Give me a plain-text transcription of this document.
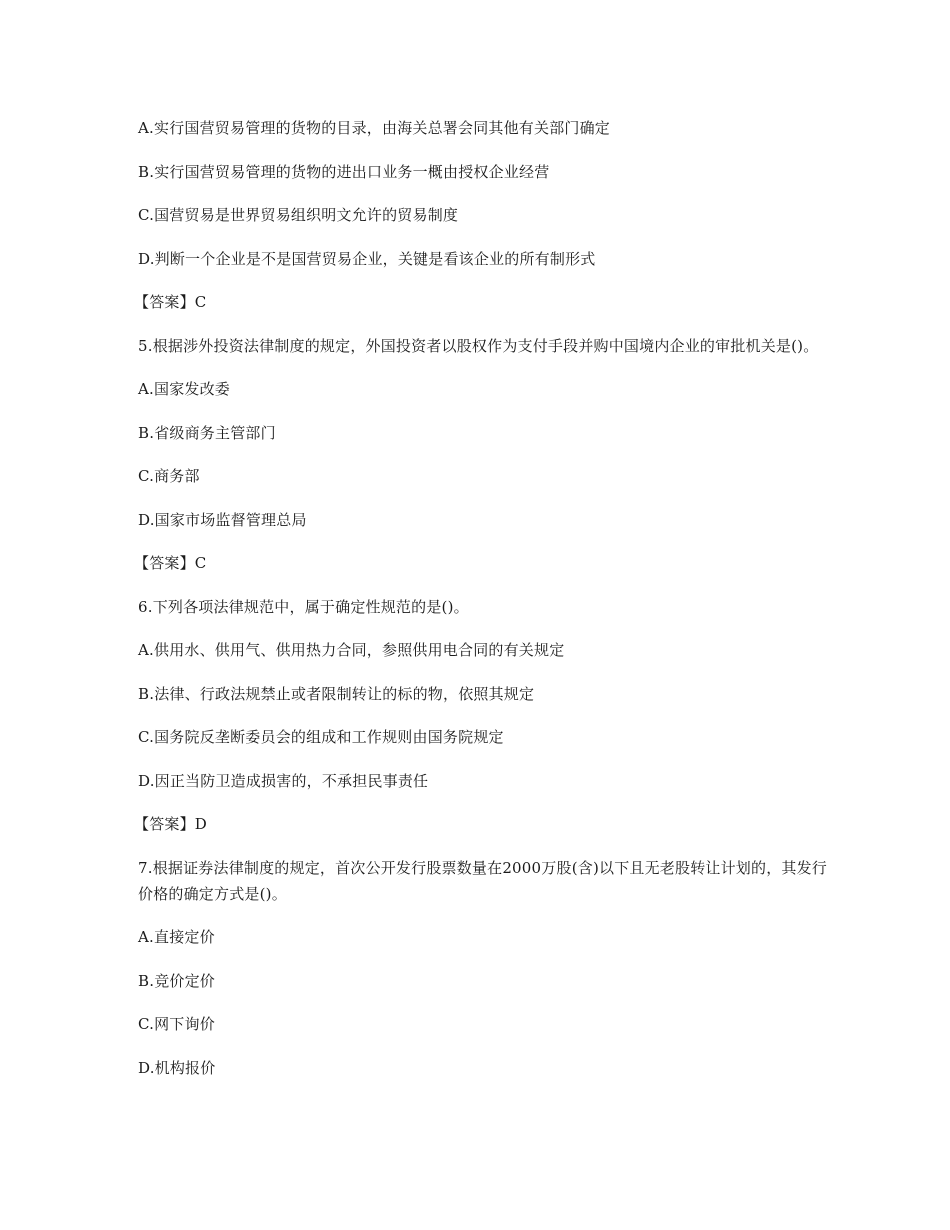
A.实行国营贸易管理的货物的目录，由海关总署会同其他有关部门确定

B.实行国营贸易管理的货物的进出口业务一概由授权企业经营

C.国营贸易是世界贸易组织明文允许的贸易制度

D.判断一个企业是不是国营贸易企业，关键是看该企业的所有制形式

【答案】C

5.根据涉外投资法律制度的规定，外国投资者以股权作为支付手段并购中国境内企业的审批机关是()。

A.国家发改委

B.省级商务主管部门

C.商务部

D.国家市场监督管理总局

【答案】C

6.下列各项法律规范中，属于确定性规范的是()。

A.供用水、供用气、供用热力合同，参照供用电合同的有关规定

B.法律、行政法规禁止或者限制转让的标的物，依照其规定

C.国务院反垄断委员会的组成和工作规则由国务院规定

D.因正当防卫造成损害的，不承担民事责任

【答案】D

7.根据证券法律制度的规定，首次公开发行股票数量在2000万股(含)以下且无老股转让计划的，其发行价格的确定方式是()。

A.直接定价

B.竞价定价

C.网下询价

D.机构报价
